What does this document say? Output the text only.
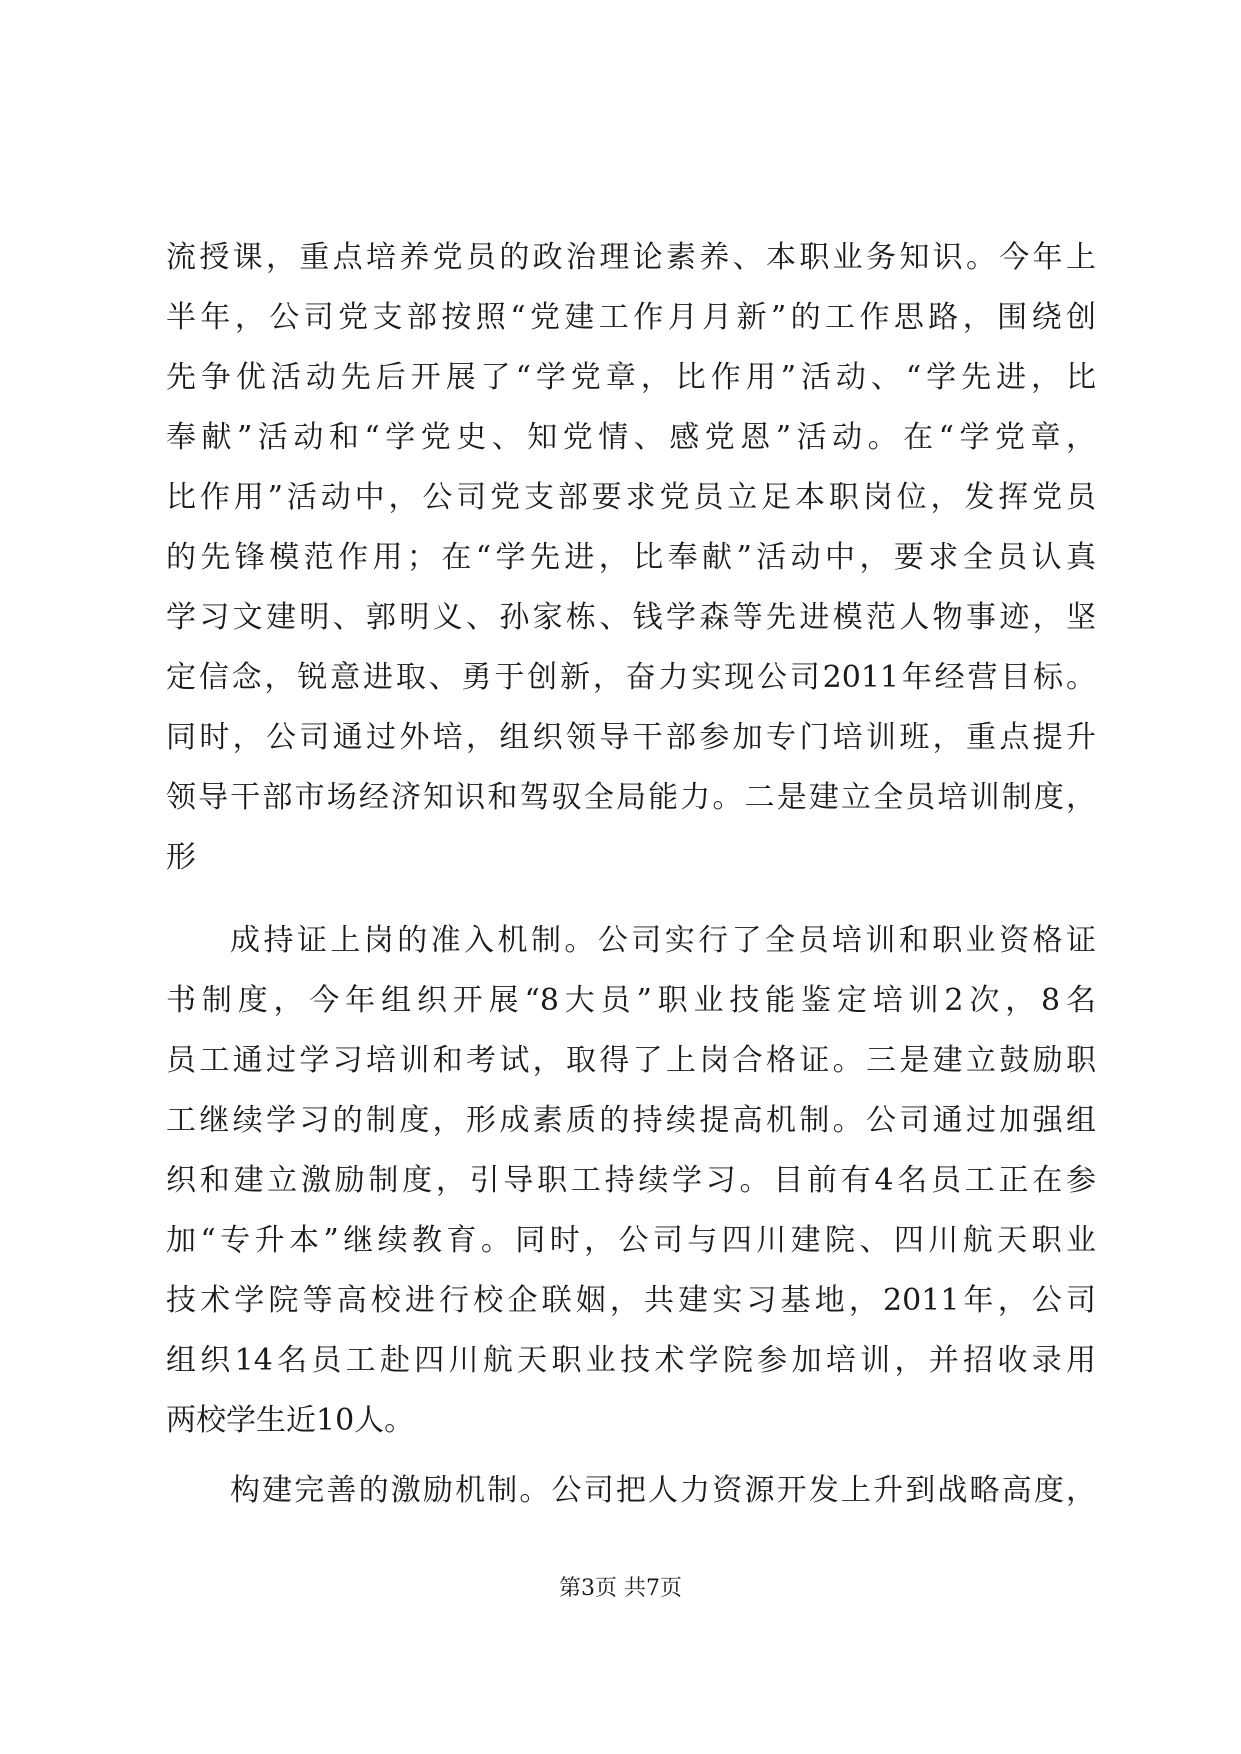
流授课，重点培养党员的政治理论素养、本职业务知识。今年上
半年，公司党支部按照“党建工作月月新”的工作思路，围绕创
先争优活动先后开展了“学党章，比作用”活动、“学先进，比
奉献”活动和“学党史、知党情、感党恩”活动。在“学党章，
比作用”活动中，公司党支部要求党员立足本职岗位，发挥党员
的先锋模范作用；在“学先进，比奉献”活动中，要求全员认真
学习文建明、郭明义、孙家栋、钱学森等先进模范人物事迹，坚
定信念，锐意进取、勇于创新，奋力实现公司2011年经营目标。
同时，公司通过外培，组织领导干部参加专门培训班，重点提升
领导干部市场经济知识和驾驭全局能力。二是建立全员培训制度，
形
成持证上岗的准入机制。公司实行了全员培训和职业资格证
书制度，今年组织开展“8大员”职业技能鉴定培训2次，8名
员工通过学习培训和考试，取得了上岗合格证。三是建立鼓励职
工继续学习的制度，形成素质的持续提高机制。公司通过加强组
织和建立激励制度，引导职工持续学习。目前有4名员工正在参
加“专升本”继续教育。同时，公司与四川建院、四川航天职业
技术学院等高校进行校企联姻，共建实习基地，2011年，公司
组织14名员工赴四川航天职业技术学院参加培训，并招收录用
两校学生近10人。
构建完善的激励机制。公司把人力资源开发上升到战略高度，
第3页 共7页
